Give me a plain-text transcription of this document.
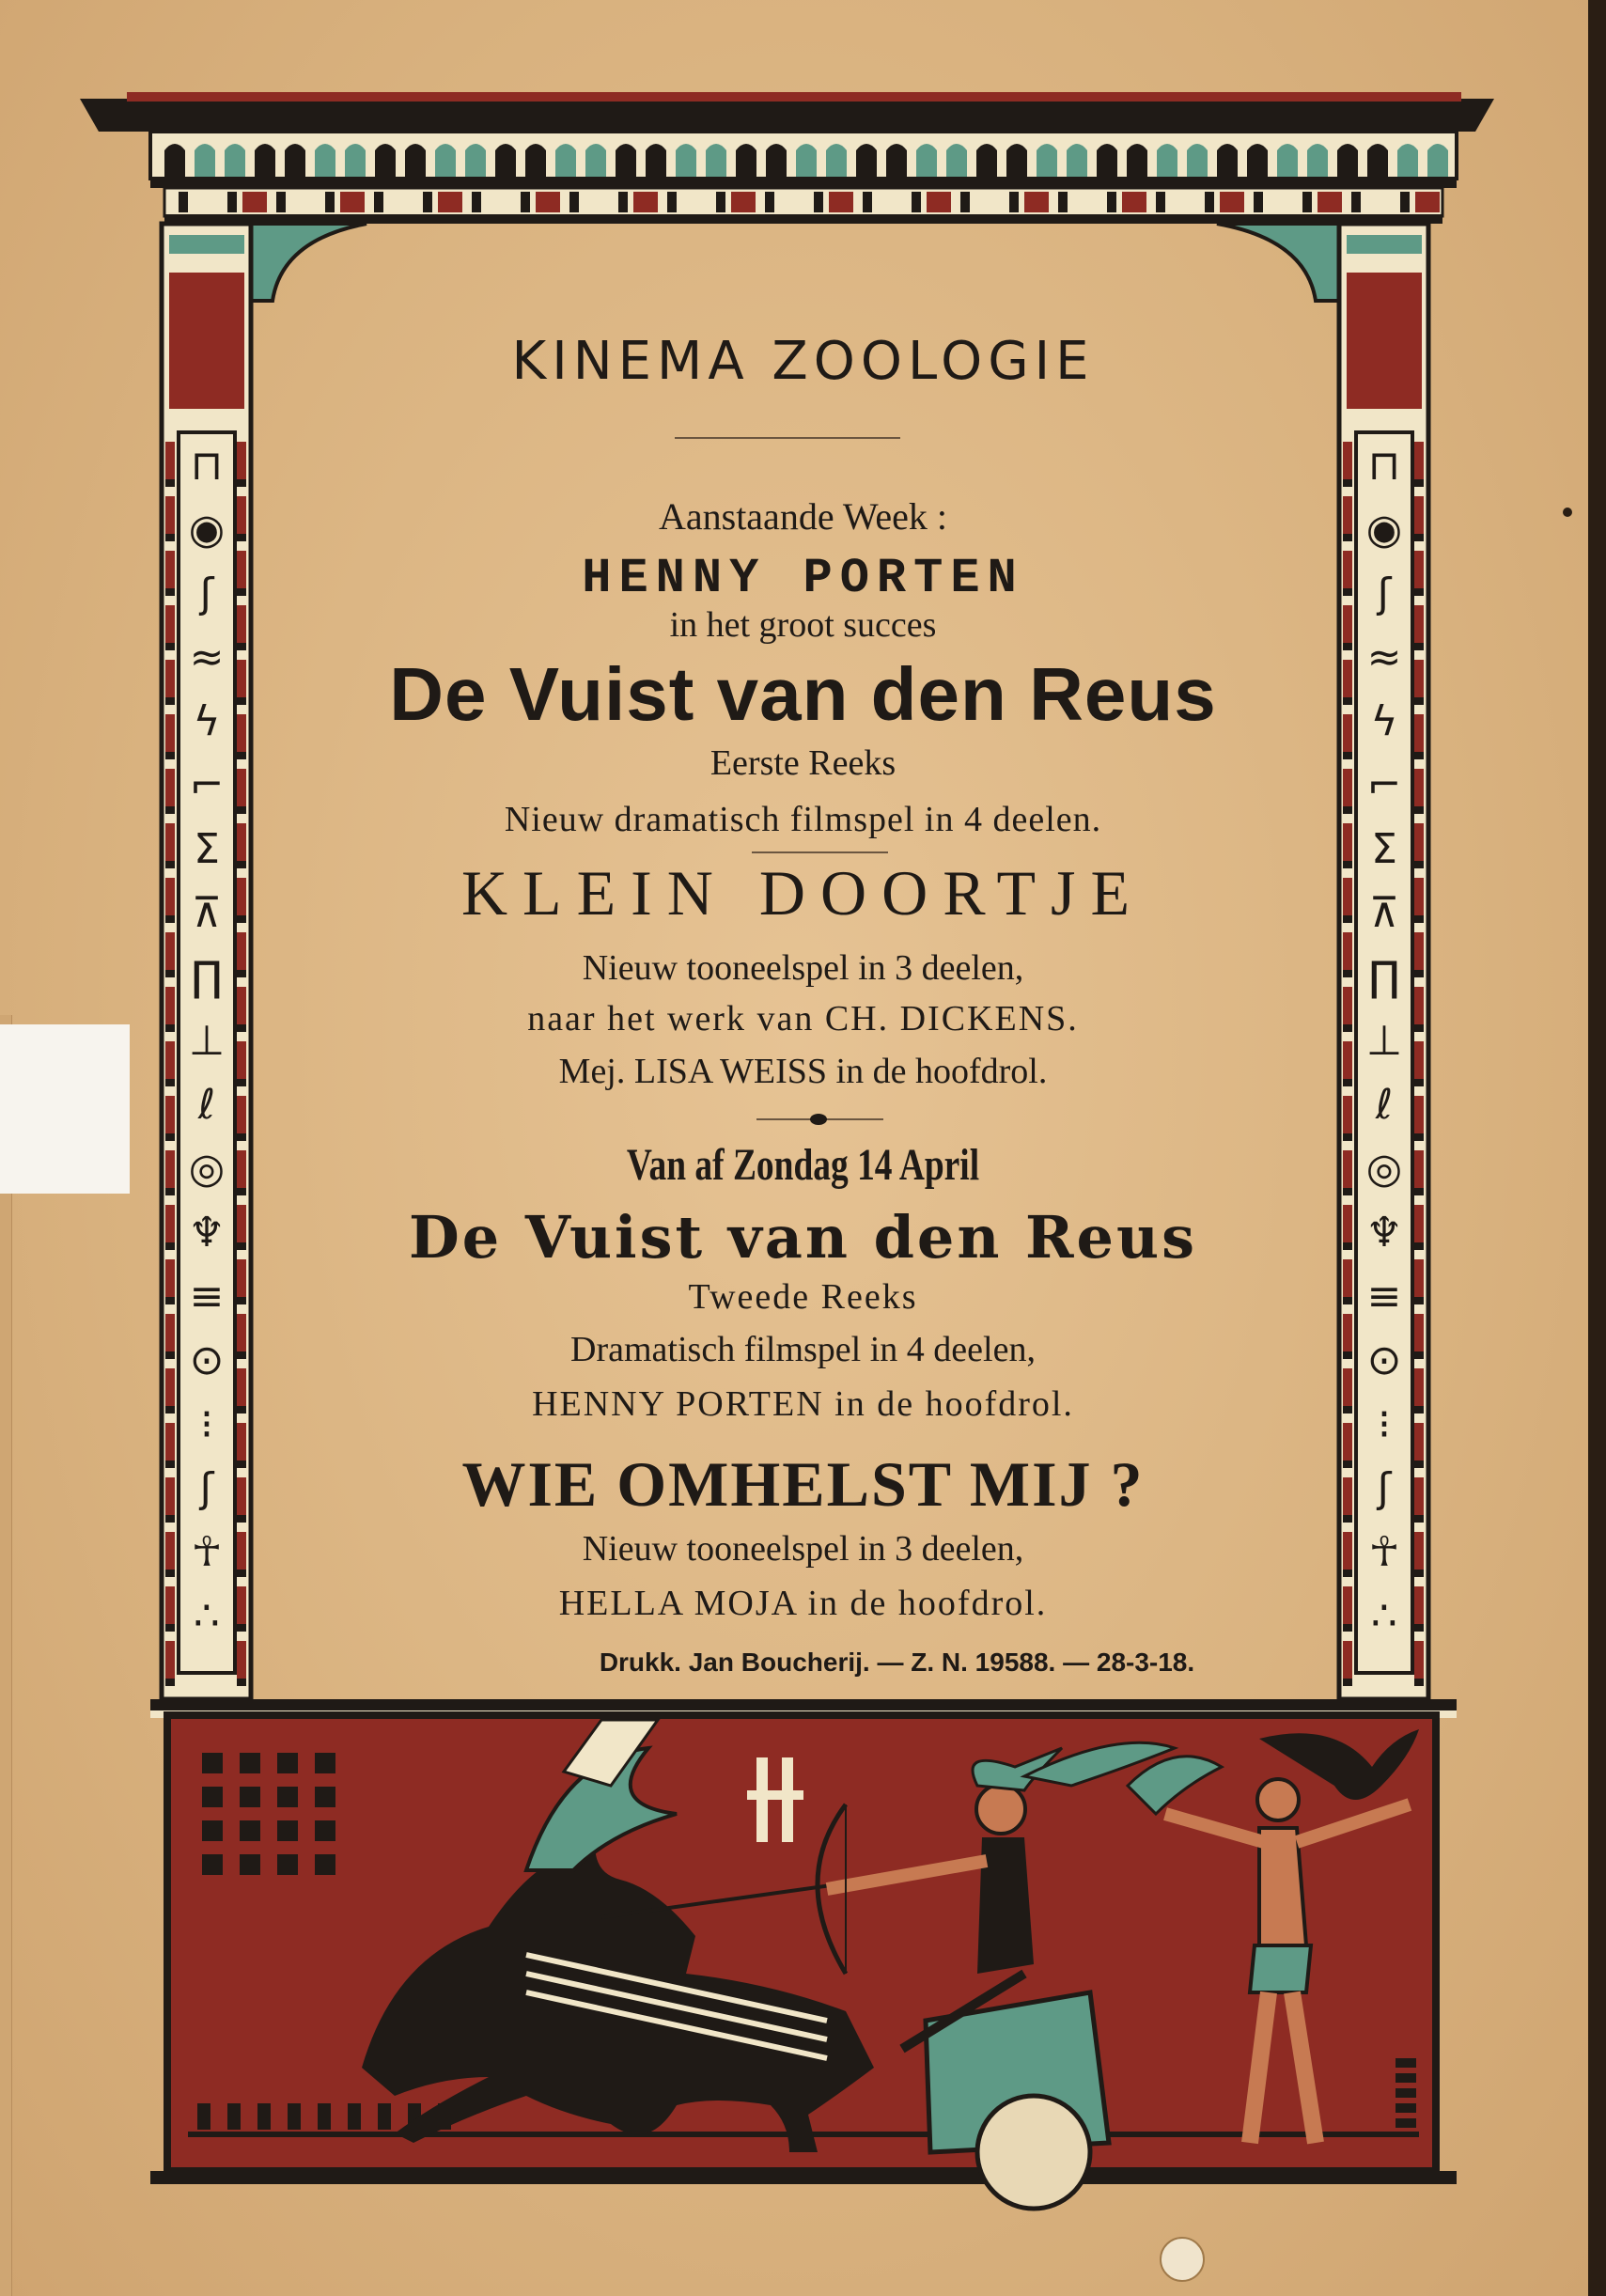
⊓
◉
ʃ
≈
ϟ
⌐
Σ
⊼
∏
⊥
ℓ
◎
♆
≡
⊙
⁝
ʃ
☥
∴
⊓
◉
ʃ
≈
ϟ
⌐
Σ
⊼
∏
⊥
ℓ
◎
♆
≡
⊙
⁝
ʃ
☥
∴
KINEMA ZOOLOGIE
Aanstaande Week :
HENNY PORTEN
in het groot succes
De Vuist van den Reus
Eerste Reeks
Nieuw dramatisch filmspel in 4 deelen.
KLEIN DOORTJE
Nieuw tooneelspel in 3 deelen,
naar het werk van CH. DICKENS.
Mej. LISA WEISS in de hoofdrol.
Van af Zondag 14 April
De Vuist van den Reus
Tweede Reeks
Dramatisch filmspel in 4 deelen,
HENNY PORTEN in de hoofdrol.
WIE OMHELST MIJ ?
Nieuw tooneelspel in 3 deelen,
HELLA MOJA in de hoofdrol.
Drukk. Jan Boucherij. — Z. N. 19588. — 28-3-18.
